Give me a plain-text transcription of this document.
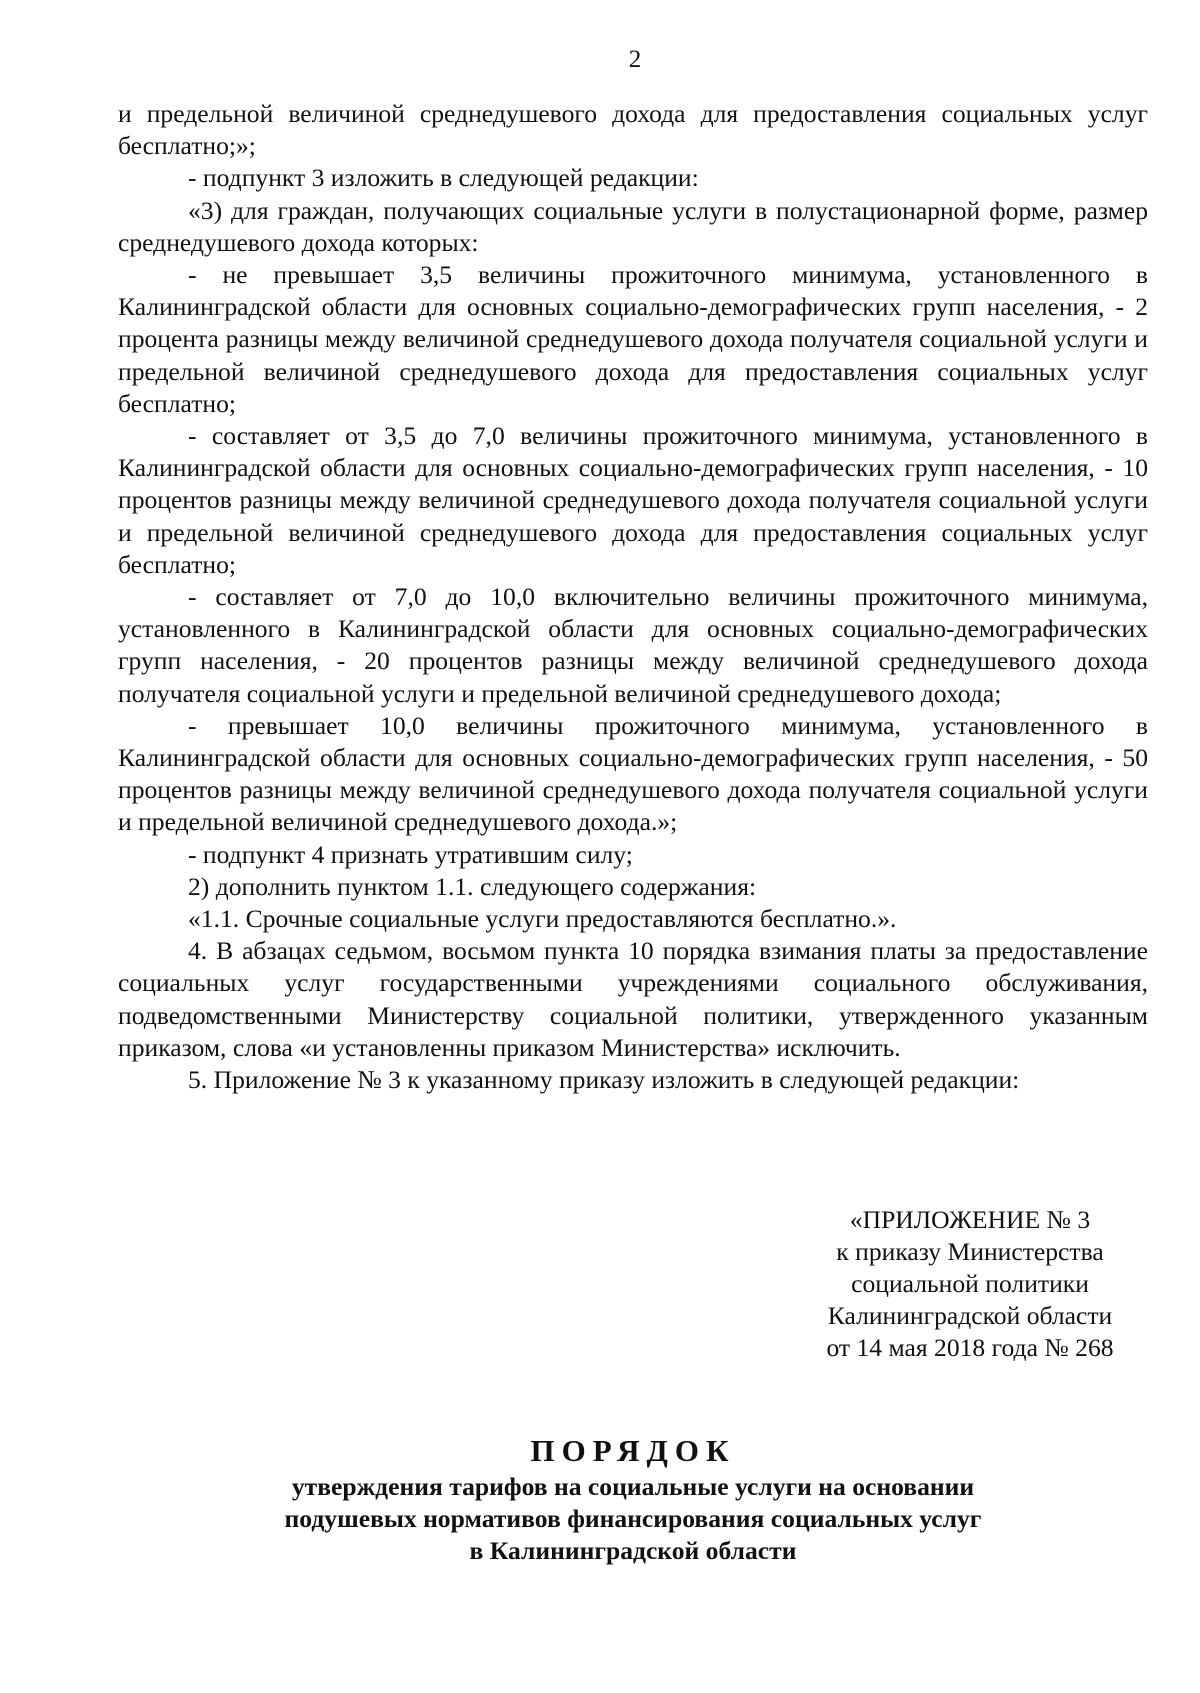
2

и предельной величиной среднедушевого дохода для предоставления социальных услуг бесплатно;»;

- подпункт 3 изложить в следующей редакции:

«3) для граждан, получающих социальные услуги в полустационарной форме, размер среднедушевого дохода которых:

- не превышает 3,5 величины прожиточного минимума, установленного в Калининградской области для основных социально-демографических групп населения, - 2 процента разницы между величиной среднедушевого дохода получателя социальной услуги и предельной величиной среднедушевого дохода для предоставления социальных услуг бесплатно;

- составляет от 3,5 до 7,0 величины прожиточного минимума, установленного в Калининградской области для основных социально-демографических групп населения, - 10 процентов разницы между величиной среднедушевого дохода получателя социальной услуги и предельной величиной среднедушевого дохода для предоставления социальных услуг бесплатно;

- составляет от 7,0 до 10,0 включительно величины прожиточного минимума, установленного в Калининградской области для основных социально-демографических групп населения, - 20 процентов разницы между величиной среднедушевого дохода получателя социальной услуги и предельной величиной среднедушевого дохода;

- превышает 10,0 величины прожиточного минимума, установленного в Калининградской области для основных социально-демографических групп населения, - 50 процентов разницы между величиной среднедушевого дохода получателя социальной услуги и предельной величиной среднедушевого дохода.»;

- подпункт 4 признать утратившим силу;

2) дополнить пунктом 1.1. следующего содержания:

«1.1. Срочные социальные услуги предоставляются бесплатно.».

4. В абзацах седьмом, восьмом пункта 10 порядка взимания платы за предоставление социальных услуг государственными учреждениями социального обслуживания, подведомственными Министерству социальной политики, утвержденного указанным приказом, слова «и установленны приказом Министерства» исключить.

5. Приложение № 3 к указанному приказу изложить в следующей редакции:

«ПРИЛОЖЕНИЕ № 3
к приказу Министерства
социальной политики
Калининградской области
от 14 мая 2018 года № 268
ПОРЯДОК
утверждения тарифов на социальные услуги на основании
подушевых нормативов финансирования социальных услуг
в Калининградской области
